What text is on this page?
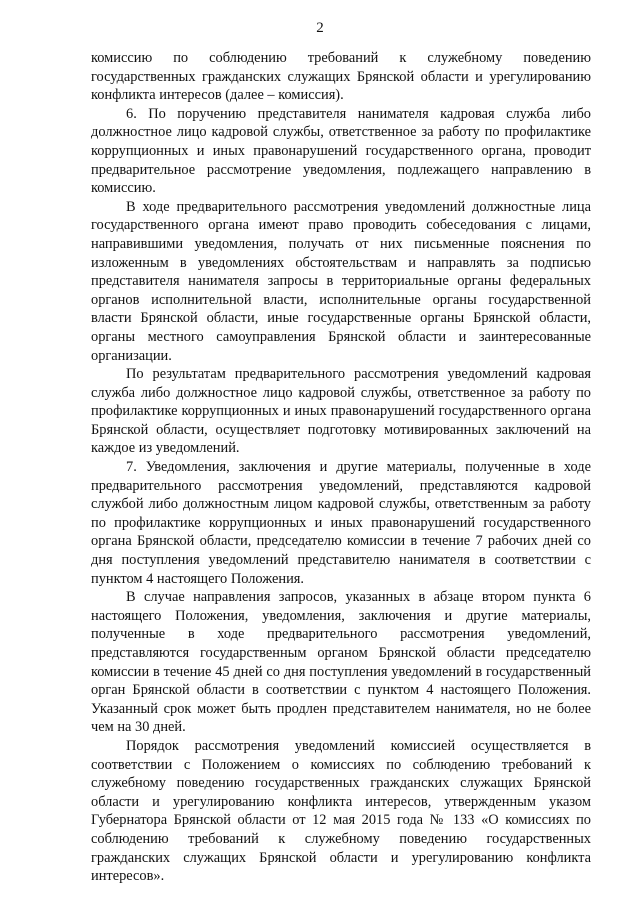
2

комиссию по соблюдению требований к служебному поведению государственных гражданских служащих Брянской области и урегулированию конфликта интересов (далее – комиссия).

6. По поручению представителя нанимателя кадровая служба либо должностное лицо кадровой службы, ответственное за работу по профилактике коррупционных и иных правонарушений государственного органа, проводит предварительное рассмотрение уведомления, подлежащего направлению в комиссию.

В ходе предварительного рассмотрения уведомлений должностные лица государственного органа имеют право проводить собеседования с лицами, направившими уведомления, получать от них письменные пояснения по изложенным в уведомлениях обстоятельствам и направлять за подписью представителя нанимателя запросы в территориальные органы федеральных органов исполнительной власти, исполнительные органы государственной власти Брянской области, иные государственные органы Брянской области, органы местного самоуправления Брянской области и заинтересованные организации.

По результатам предварительного рассмотрения уведомлений кадровая служба либо должностное лицо кадровой службы, ответственное за работу по профилактике коррупционных и иных правонарушений государственного органа Брянской области, осуществляет подготовку мотивированных заключений на каждое из уведомлений.

7. Уведомления, заключения и другие материалы, полученные в ходе предварительного рассмотрения уведомлений, представляются кадровой службой либо должностным лицом кадровой службы, ответственным за работу по профилактике коррупционных и иных правонарушений государственного органа Брянской области, председателю комиссии в течение 7 рабочих дней со дня поступления уведомлений представителю нанимателя в соответствии с пунктом 4 настоящего Положения.

В случае направления запросов, указанных в абзаце втором пункта 6 настоящего Положения, уведомления, заключения и другие материалы, полученные в ходе предварительного рассмотрения уведомлений, представляются государственным органом Брянской области председателю комиссии в течение 45 дней со дня поступления уведомлений в государственный орган Брянской области в соответствии с пунктом 4 настоящего Положения. Указанный срок может быть продлен представителем нанимателя, но не более чем на 30 дней.

Порядок рассмотрения уведомлений комиссией осуществляется в соответствии с Положением о комиссиях по соблюдению требований к служебному поведению государственных гражданских служащих Брянской области и урегулированию конфликта интересов, утвержденным указом Губернатора Брянской области от 12 мая 2015 года № 133 «О комиссиях по соблюдению требований к служебному поведению государственных гражданских служащих Брянской области и урегулированию конфликта интересов».
